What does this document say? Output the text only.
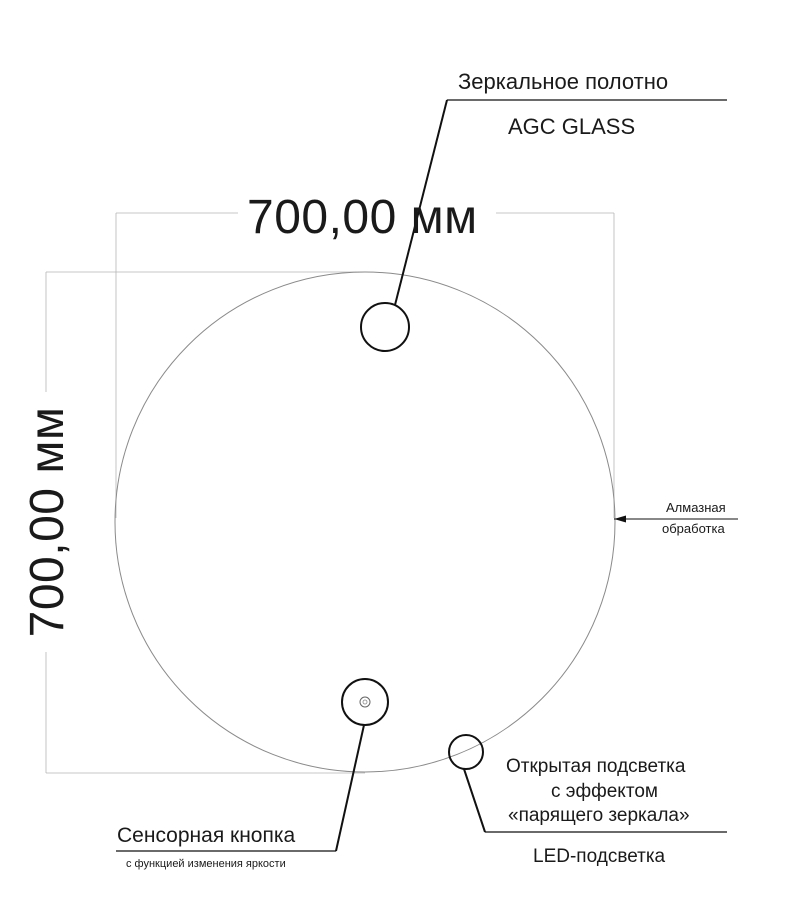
700,00 мм
700,00 мм
Зеркальное полотно
AGC GLASS
Алмазная
обработка
Открытая подсветка
с эффектом
«парящего зеркала»
LED-подсветка
Сенсорная кнопка
с функцией изменения яркости
